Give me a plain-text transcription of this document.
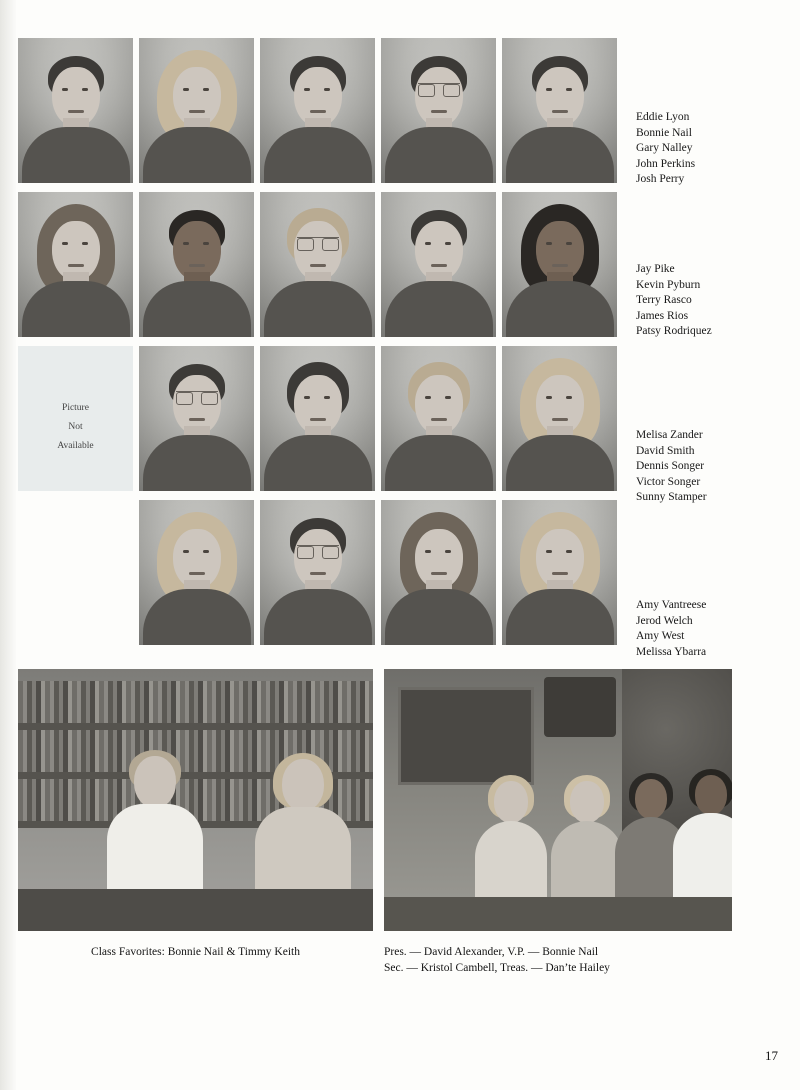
Picture
Not
Available
Eddie Lyon
Bonnie Nail
Gary Nalley
John Perkins
Josh Perry
Jay Pike
Kevin Pyburn
Terry Rasco
James Rios
Patsy Rodriquez
Melisa Zander
David Smith
Dennis Songer
Victor Songer
Sunny Stamper
Amy Vantreese
Jerod Welch
Amy West
Melissa Ybarra
Class Favorites: Bonnie Nail & Timmy Keith	Pres. — David Alexander, V.P. — Bonnie Nail
Sec. — Kristol Cambell, Treas. — Dan’te Hailey
17
